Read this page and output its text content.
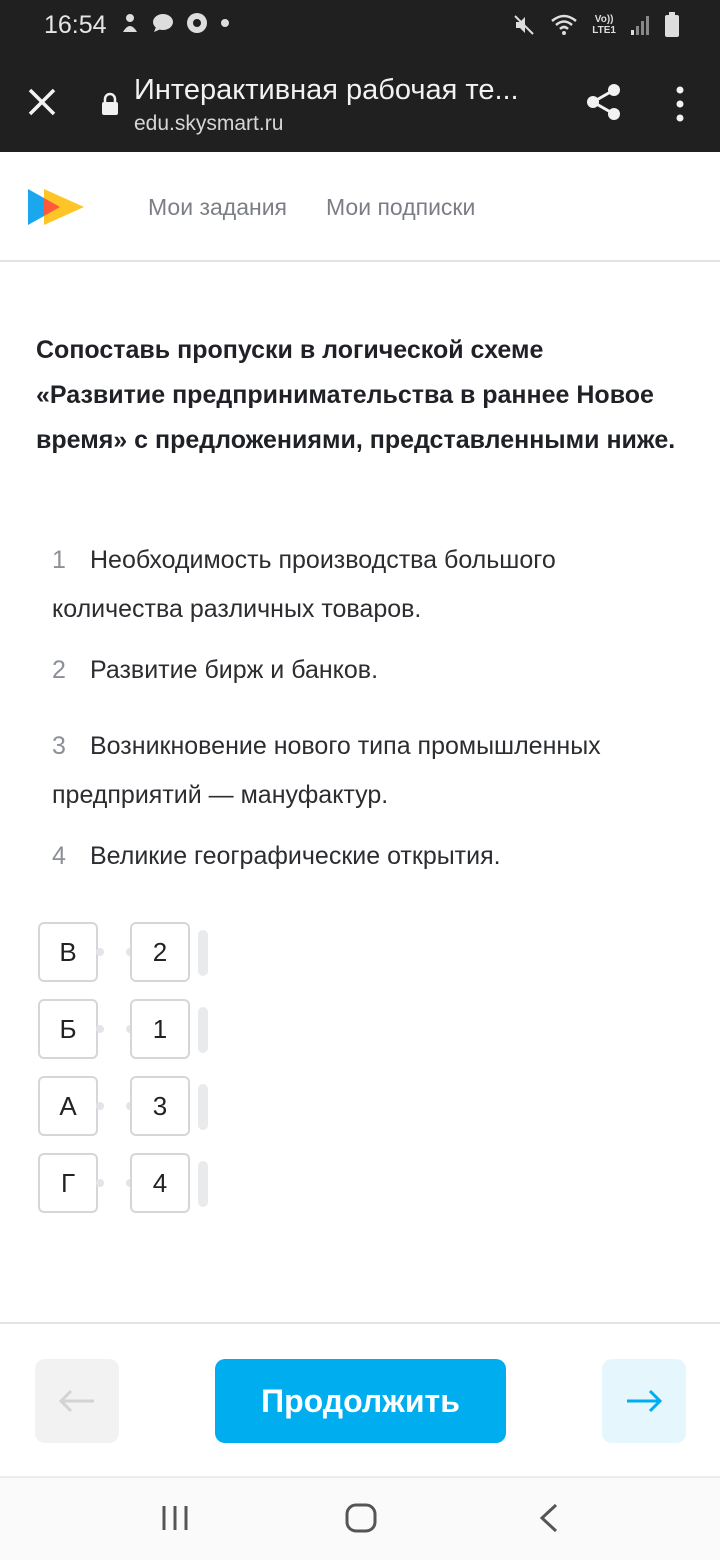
16:54	Vo))
LTE1
Интерактивная рабочая те...
edu.skysmart.ru
Мои задания Мои подписки
Сопоставь пропуски в логической схеме «Развитие предпринимательства в раннее Новое время» с предложениями, представленными ниже.
1 Необходимость производства большого количества различных товаров.
2 Развитие бирж и банков.
3 Возникновение нового типа промышленных предприятий — мануфактур.
4 Великие географические открытия.
В	2
Б	1
А	3
Г	4
Продолжить
